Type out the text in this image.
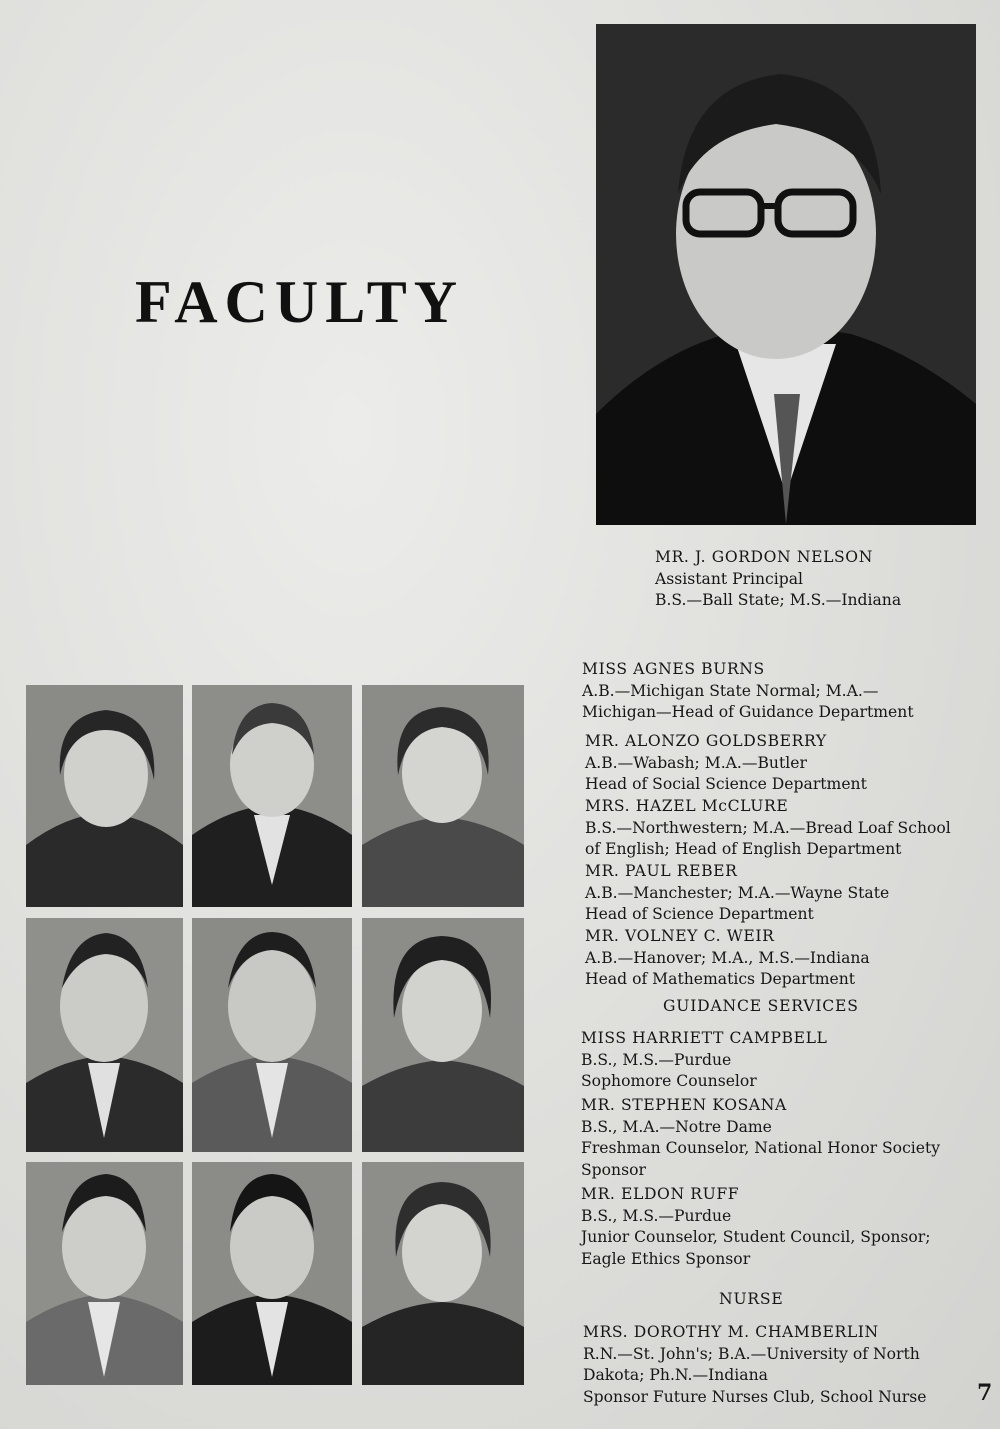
FACULTY
MR. J. GORDON NELSON
Assistant Principal
B.S.—Ball State; M.S.—Indiana
MISS AGNES BURNS
A.B.—Michigan State Normal; M.A.—
Michigan—Head of Guidance Department
MR. ALONZO GOLDSBERRY
A.B.—Wabash; M.A.—Butler
Head of Social Science Department
MRS. HAZEL McCLURE
B.S.—Northwestern; M.A.—Bread Loaf School
of English; Head of English Department
MR. PAUL REBER
A.B.—Manchester; M.A.—Wayne State
Head of Science Department
MR. VOLNEY C. WEIR
A.B.—Hanover; M.A., M.S.—Indiana
Head of Mathematics Department
GUIDANCE SERVICES
MISS HARRIETT CAMPBELL
B.S., M.S.—Purdue
Sophomore Counselor
MR. STEPHEN KOSANA
B.S., M.A.—Notre Dame
Freshman Counselor, National Honor Society
Sponsor
MR. ELDON RUFF
B.S., M.S.—Purdue
Junior Counselor, Student Council, Sponsor;
Eagle Ethics Sponsor
NURSE
MRS. DOROTHY M. CHAMBERLIN
R.N.—St. John's; B.A.—University of North
Dakota; Ph.N.—Indiana
Sponsor Future Nurses Club, School Nurse 7
